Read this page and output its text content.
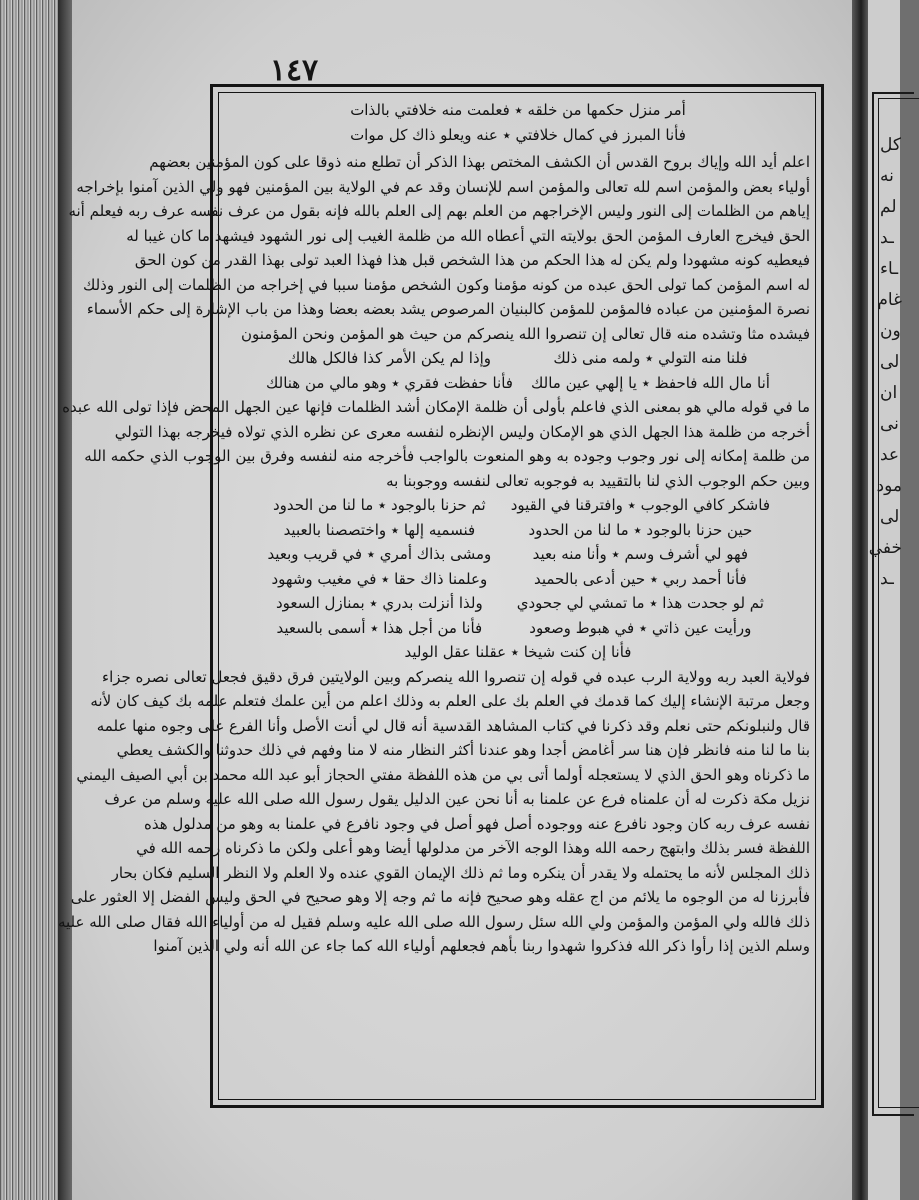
١٤٧
أمر منزل حكمها من خلقه ٭ فعلمت منه خلافتي بالذات
فأنا المبرز في كمال خلافتي ٭ عنه ويعلو ذاك كل موات
اعلم أيد الله وإياك بروح القدس أن الكشف المختص بهذا الذكر أن تطلع منه ذوقا على كون المؤمنين بعضهم
أولياء بعض والمؤمن اسم لله تعالى والمؤمن اسم للإنسان وقد عم في الولاية بين المؤمنين فهو ولي الذين آمنوا بإخراجه
إياهم من الظلمات إلى النور وليس الإخراجهم من العلم بهم إلى العلم بالله فإنه بقول من عرف نفسه عرف ربه فيعلم أنه
الحق فيخرج العارف المؤمن الحق بولايته التي أعطاه الله من ظلمة الغيب إلى نور الشهود فيشهد ما كان غيبا له
فيعطيه كونه مشهودا ولم يكن له هذا الحكم من هذا الشخص قبل هذا فهذا العبد تولى بهذا القدر من كون الحق
له اسم المؤمن كما تولى الحق عبده من كونه مؤمنا وكون الشخص مؤمنا سببا في إخراجه من الظلمات إلى النور وذلك
نصرة المؤمنين من عباده فالمؤمن للمؤمن كالبنيان المرصوص يشد بعضه بعضا وهذا من باب الإشارة إلى حكم الأسماء
فيشده مثا وتشده منه قال تعالى إن تنصروا الله ينصركم من حيث هو المؤمن ونحن المؤمنون
فلنا منه التولي ٭ ولمه منى ذلك
وإذا لم يكن الأمر كذا فالكل هالك
أنا مال الله فاحفظ ٭ يا إلهي عين مالك
فأنا حفظت فقري ٭ وهو مالي من هنالك
ما في قوله مالي هو بمعنى الذي فاعلم بأولى أن ظلمة الإمكان أشد الظلمات فإنها عين الجهل المحض فإذا تولى الله عبده
أخرجه من ظلمة هذا الجهل الذي هو الإمكان وليس الإنظره لنفسه معرى عن نظره الذي تولاه فيخرجه بهذا التولي
من ظلمة إمكانه إلى نور وجوب وجوده به وهو المنعوت بالواجب فأخرجه منه لنفسه وفرق بين الوجوب الذي حكمه الله
وبين حكم الوجوب الذي لنا بالتقييد به فوجوبه تعالى لنفسه ووجوبنا به
فاشكر كافي الوجوب ٭ وافترقنا في القيود
ثم حزنا بالوجود ٭ ما لنا من الحدود
حين حزنا بالوجود ٭ ما لنا من الحدود
فنسميه إلها ٭ واختصصنا بالعبيد
فهو لي أشرف وسم ٭ وأنا منه بعيد
ومشى بذاك أمري ٭ في قريب وبعيد
فأنا أحمد ربي ٭ حين أدعى بالحميد
وعلمنا ذاك حقا ٭ في مغيب وشهود
ثم لو جحدت هذا ٭ ما تمشي لي جحودي
ولذا أنزلت بدري ٭ بمنازل السعود
ورأيت عين ذاتي ٭ في هبوط وصعود
فأنا من أجل هذا ٭ أسمى بالسعيد
فأنا إن كنت شيخا ٭ عقلنا عقل الوليد
فولاية العبد ربه وولاية الرب عبده في قوله إن تنصروا الله ينصركم وبين الولايتين فرق دقيق فجعل تعالى نصره جزاء
وجعل مرتبة الإنشاء إليك كما قدمك في العلم بك على العلم به وذلك اعلم من أين علمك فتعلم علمه بك كيف كان لأنه
قال ولنبلونكم حتى نعلم وقد ذكرنا في كتاب المشاهد القدسية أنه قال لي أنت الأصل وأنا الفرع على وجوه منها علمه
بنا ما لنا منه فانظر فإن هنا سر أغامض أجدا وهو عندنا أكثر النظار منه لا منا وفهم في ذلك حدوثنا والكشف يعطي
ما ذكرناه وهو الحق الذي لا يستعجله أولما أتى بي من هذه اللفظة مفتي الحجاز أبو عبد الله محمد بن أبي الصيف اليمني
نزيل مكة ذكرت له أن علمناه فرع عن علمنا به أنا نحن عين الدليل يقول رسول الله صلى الله عليه وسلم من عرف
نفسه عرف ربه كان وجود نافرع عنه ووجوده أصل فهو أصل في وجود نافرع في علمنا به وهو من مدلول هذه
اللفظة فسر بذلك وابتهج رحمه الله وهذا الوجه الآخر من مدلولها أيضا وهو أعلى ولكن ما ذكرناه رحمه الله في
ذلك المجلس لأنه ما يحتمله ولا يقدر أن ينكره وما ثم ذلك الإيمان القوي عنده ولا العلم ولا النظر السليم فكان بحار
فأبرزنا له من الوجوه ما يلائم من اج عقله وهو صحيح فإنه ما ثم وجه إلا وهو صحيح في الحق وليس الفضل إلا العثور على
ذلك فالله ولي المؤمن والمؤمن ولي الله سئل رسول الله صلى الله عليه وسلم فقيل له من أولياء الله فقال صلى الله عليه
وسلم الذين إذا رأوا ذكر الله فذكروا شهدوا ربنا بأهم فجعلهم أولياء الله كما جاء عن الله أنه ولي الذين آمنوا
كل
نه
لم
ـد
ـاء
غام
ون
لى
ان
نى
عد
مود
لى
خفي
ـد
